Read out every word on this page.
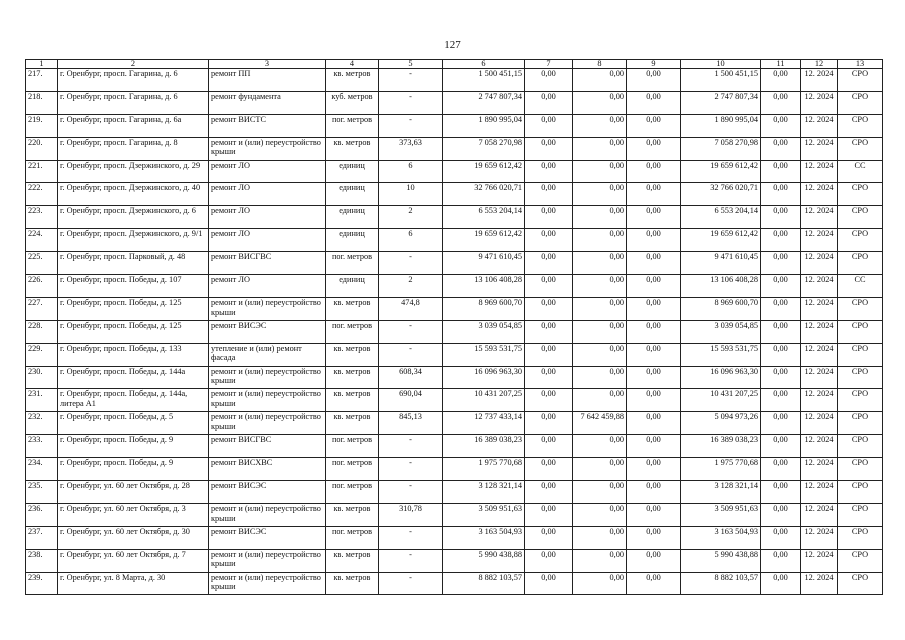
127
1	2	3	4	5	6	7	8	9	10	11	12	13
217.	г. Оренбург, просп. Гагарина, д. 6	ремонт ПП	кв. метров	-	1 500 451,15	0,00	0,00	0,00	1 500 451,15	0,00	12. 2024	СРО
218.	г. Оренбург, просп. Гагарина, д. 6	ремонт фундамента	куб. метров	-	2 747 807,34	0,00	0,00	0,00	2 747 807,34	0,00	12. 2024	СРО
219.	г. Оренбург, просп. Гагарина, д. 6а	ремонт ВИСТС	пог. метров	-	1 890 995,04	0,00	0,00	0,00	1 890 995,04	0,00	12. 2024	СРО
220.	г. Оренбург, просп. Гагарина, д. 8	ремонт и (или) переустройство крыши	кв. метров	373,63	7 058 270,98	0,00	0,00	0,00	7 058 270,98	0,00	12. 2024	СРО
221.	г. Оренбург, просп. Дзержинского, д. 29	ремонт ЛО	единиц	6	19 659 612,42	0,00	0,00	0,00	19 659 612,42	0,00	12. 2024	СС
222.	г. Оренбург, просп. Дзержинского, д. 40	ремонт ЛО	единиц	10	32 766 020,71	0,00	0,00	0,00	32 766 020,71	0,00	12. 2024	СРО
223.	г. Оренбург, просп. Дзержинского, д. 6	ремонт ЛО	единиц	2	6 553 204,14	0,00	0,00	0,00	6 553 204,14	0,00	12. 2024	СРО
224.	г. Оренбург, просп. Дзержинского, д. 9/1	ремонт ЛО	единиц	6	19 659 612,42	0,00	0,00	0,00	19 659 612,42	0,00	12. 2024	СРО
225.	г. Оренбург, просп. Парковый, д. 48	ремонт ВИСГВС	пог. метров	-	9 471 610,45	0,00	0,00	0,00	9 471 610,45	0,00	12. 2024	СРО
226.	г. Оренбург, просп. Победы, д. 107	ремонт ЛО	единиц	2	13 106 408,28	0,00	0,00	0,00	13 106 408,28	0,00	12. 2024	СС
227.	г. Оренбург, просп. Победы, д. 125	ремонт и (или) переустройство крыши	кв. метров	474,8	8 969 600,70	0,00	0,00	0,00	8 969 600,70	0,00	12. 2024	СРО
228.	г. Оренбург, просп. Победы, д. 125	ремонт ВИСЭС	пог. метров	-	3 039 054,85	0,00	0,00	0,00	3 039 054,85	0,00	12. 2024	СРО
229.	г. Оренбург, просп. Победы, д. 133	утепление и (или) ремонт фасада	кв. метров	-	15 593 531,75	0,00	0,00	0,00	15 593 531,75	0,00	12. 2024	СРО
230.	г. Оренбург, просп. Победы, д. 144а	ремонт и (или) переустройство крыши	кв. метров	608,34	16 096 963,30	0,00	0,00	0,00	16 096 963,30	0,00	12. 2024	СРО
231.	г. Оренбург, просп. Победы, д. 144а, литера А1	ремонт и (или) переустройство крыши	кв. метров	690,04	10 431 207,25	0,00	0,00	0,00	10 431 207,25	0,00	12. 2024	СРО
232.	г. Оренбург, просп. Победы, д. 5	ремонт и (или) переустройство крыши	кв. метров	845,13	12 737 433,14	0,00	7 642 459,88	0,00	5 094 973,26	0,00	12. 2024	СРО
233.	г. Оренбург, просп. Победы, д. 9	ремонт ВИСГВС	пог. метров	-	16 389 038,23	0,00	0,00	0,00	16 389 038,23	0,00	12. 2024	СРО
234.	г. Оренбург, просп. Победы, д. 9	ремонт ВИСХВС	пог. метров	-	1 975 770,68	0,00	0,00	0,00	1 975 770,68	0,00	12. 2024	СРО
235.	г. Оренбург, ул. 60 лет Октября, д. 28	ремонт ВИСЭС	пог. метров	-	3 128 321,14	0,00	0,00	0,00	3 128 321,14	0,00	12. 2024	СРО
236.	г. Оренбург, ул. 60 лет Октября, д. 3	ремонт и (или) переустройство крыши	кв. метров	310,78	3 509 951,63	0,00	0,00	0,00	3 509 951,63	0,00	12. 2024	СРО
237.	г. Оренбург, ул. 60 лет Октября, д. 30	ремонт ВИСЭС	пог. метров	-	3 163 504,93	0,00	0,00	0,00	3 163 504,93	0,00	12. 2024	СРО
238.	г. Оренбург, ул. 60 лет Октября, д. 7	ремонт и (или) переустройство крыши	кв. метров	-	5 990 438,88	0,00	0,00	0,00	5 990 438,88	0,00	12. 2024	СРО
239.	г. Оренбург, ул. 8 Марта, д. 30	ремонт и (или) переустройство крыши	кв. метров	-	8 882 103,57	0,00	0,00	0,00	8 882 103,57	0,00	12. 2024	СРО
